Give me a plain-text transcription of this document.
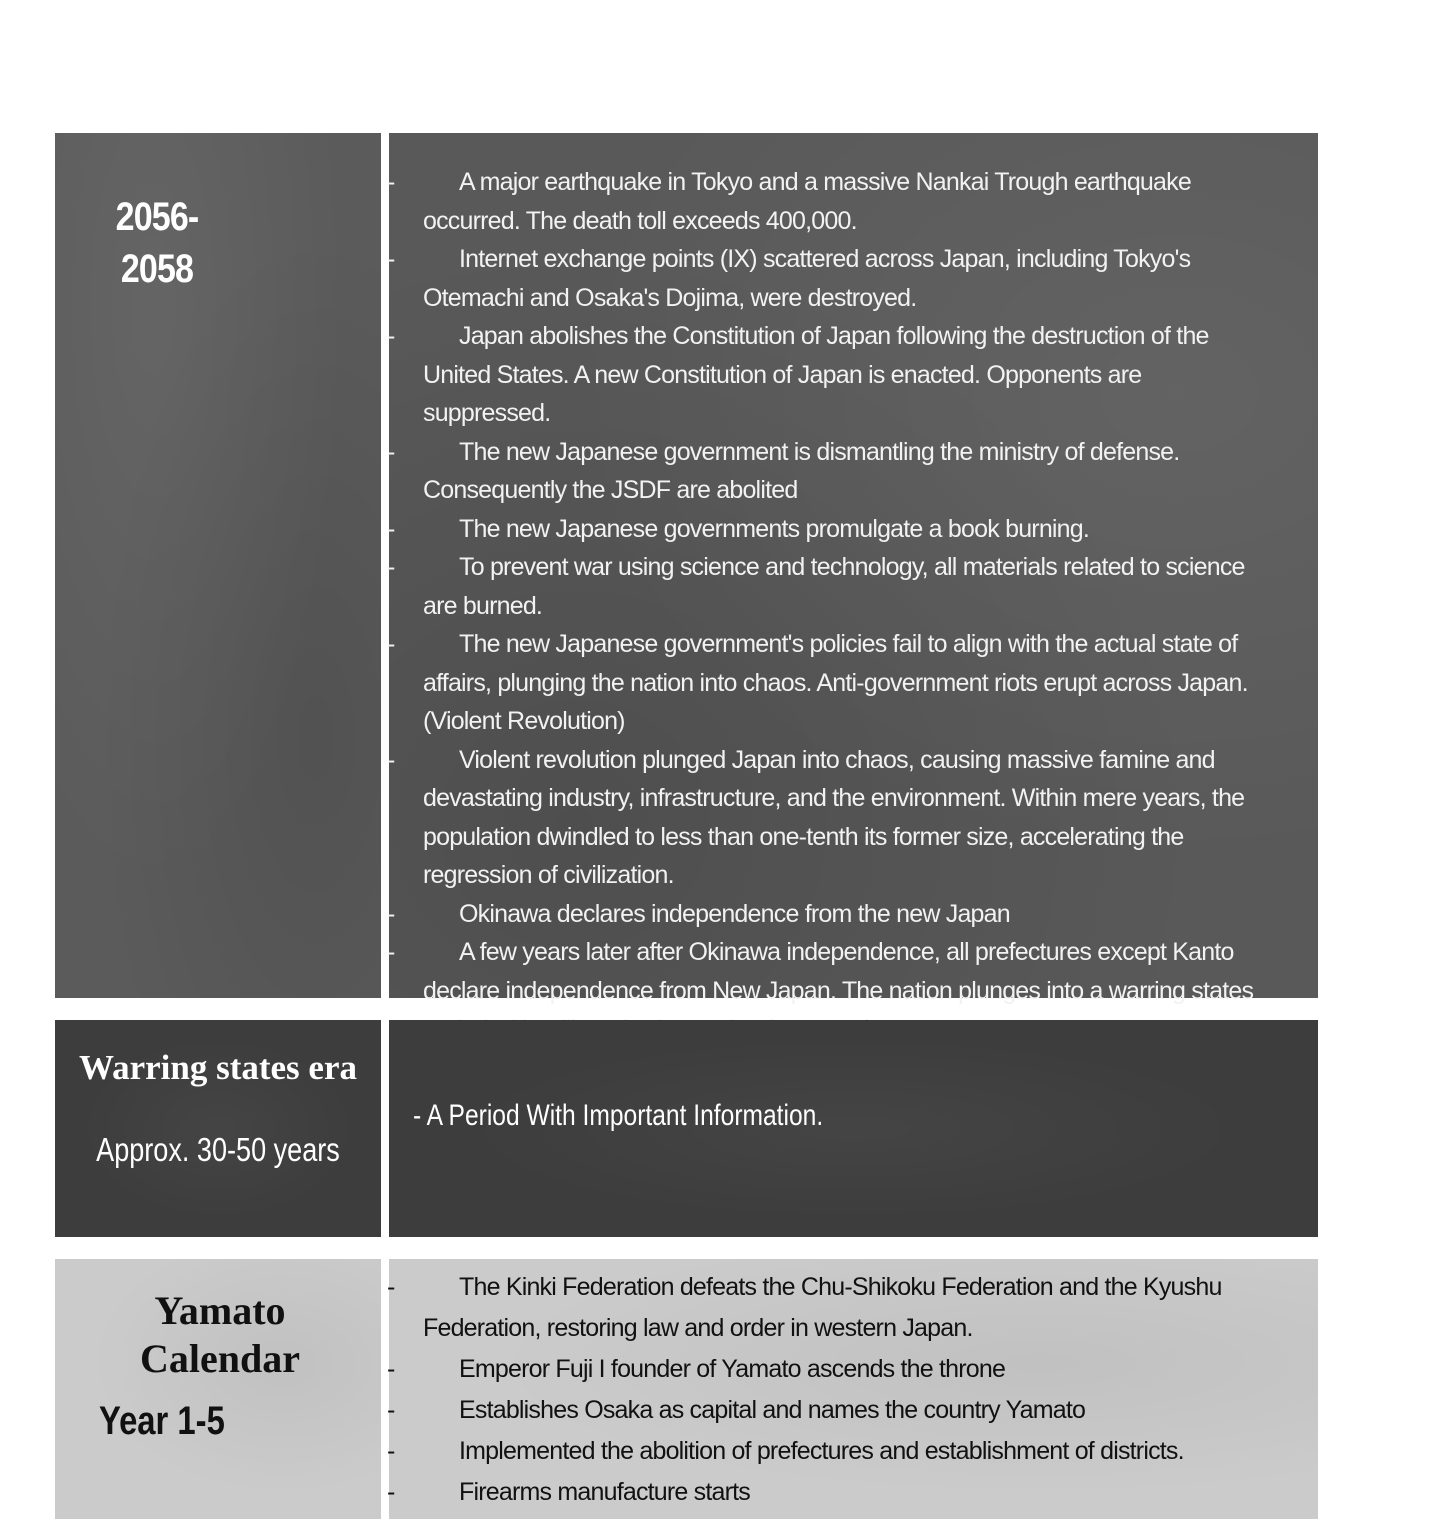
2056-
2058
- A major earthquake in Tokyo and a massive Nankai Trough earthquake occurred. The death toll exceeds 400,000.
- Internet exchange points (IX) scattered across Japan, including Tokyo's Otemachi and Osaka's Dojima, were destroyed.
- Japan abolishes the Constitution of Japan following the destruction of the United States. A new Constitution of Japan is enacted. Opponents are suppressed.
- The new Japanese government is dismantling the ministry of defense. Consequently the JSDF are abolited
- The new Japanese governments promulgate a book burning.
- To prevent war using science and technology, all materials related to science are burned.
- The new Japanese government's policies fail to align with the actual state of affairs, plunging the nation into chaos. Anti-government riots erupt across Japan. (Violent Revolution)
- Violent revolution plunged Japan into chaos, causing massive famine and devastating industry, infrastructure, and the environment. Within mere years, the population dwindled to less than one-tenth its former size, accelerating the regression of civilization.
- Okinawa declares independence from the new Japan
- A few years later after Okinawa independence, all prefectures except Kanto declare independence from New Japan. The nation plunges into a warring states
Warring states era
Approx. 30-50 years
- A Period With Important Information.
Yamato
Calendar
Year 1-5
- The Kinki Federation defeats the Chu-Shikoku Federation and the Kyushu Federation, restoring law and order in western Japan.
- Emperor Fuji I founder of Yamato ascends the throne
- Establishes Osaka as capital and names the country Yamato
- Implemented the abolition of prefectures and establishment of districts.
- Firearms manufacture starts
